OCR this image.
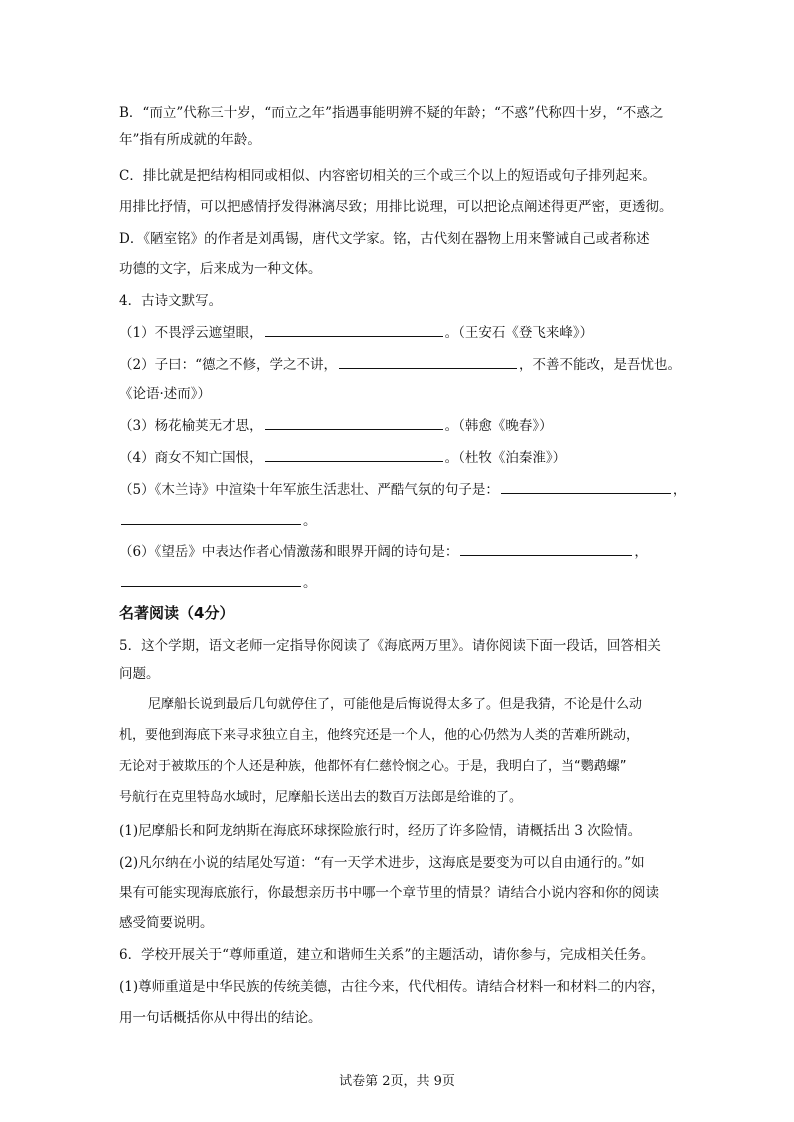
B．“而立”代称三十岁，“而立之年”指遇事能明辨不疑的年龄；“不惑”代称四十岁，“不惑之
年”指有所成就的年龄。
C．排比就是把结构相同或相似、内容密切相关的三个或三个以上的短语或句子排列起来。
用排比抒情，可以把感情抒发得淋漓尽致；用排比说理，可以把论点阐述得更严密，更透彻。
D．《陋室铭》的作者是刘禹锡，唐代文学家。铭，古代刻在器物上用来警诫自己或者称述
功德的文字，后来成为一种文体。
4．古诗文默写。
（1）不畏浮云遮望眼，	。（王安石《登飞来峰》）
（2）子曰：“德之不修，学之不讲，	，不善不能改，是吾忧也。
《论语·述而》）
（3）杨花榆荚无才思，	。（韩愈《晚春》）
（4）商女不知亡国恨，	。（杜牧《泊秦淮》）
（5）《木兰诗》中渲染十年军旅生活悲壮、严酷气氛的句子是：	，
。
（6）《望岳》中表达作者心情激荡和眼界开阔的诗句是：	，
。
名著阅读（4分）
5．这个学期，语文老师一定指导你阅读了《海底两万里》。请你阅读下面一段话，回答相关
问题。
尼摩船长说到最后几句就停住了，可能他是后悔说得太多了。但是我猜，不论是什么动
机，要他到海底下来寻求独立自主，他终究还是一个人，他的心仍然为人类的苦难所跳动，
无论对于被欺压的个人还是种族，他都怀有仁慈怜悯之心。于是，我明白了，当“鹦鹉螺”
号航行在克里特岛水域时，尼摩船长送出去的数百万法郎是给谁的了。
(1)尼摩船长和阿龙纳斯在海底环球探险旅行时，经历了许多险情，请概括出 3 次险情。
(2)凡尔纳在小说的结尾处写道：“有一天学术进步，这海底是要变为可以自由通行的。”如
果有可能实现海底旅行，你最想亲历书中哪一个章节里的情景？请结合小说内容和你的阅读
感受简要说明。
6．学校开展关于“尊师重道，建立和谐师生关系”的主题活动，请你参与，完成相关任务。
(1)尊师重道是中华民族的传统美德，古往今来，代代相传。请结合材料一和材料二的内容，
用一句话概括你从中得出的结论。
试卷第 2页，共 9页
